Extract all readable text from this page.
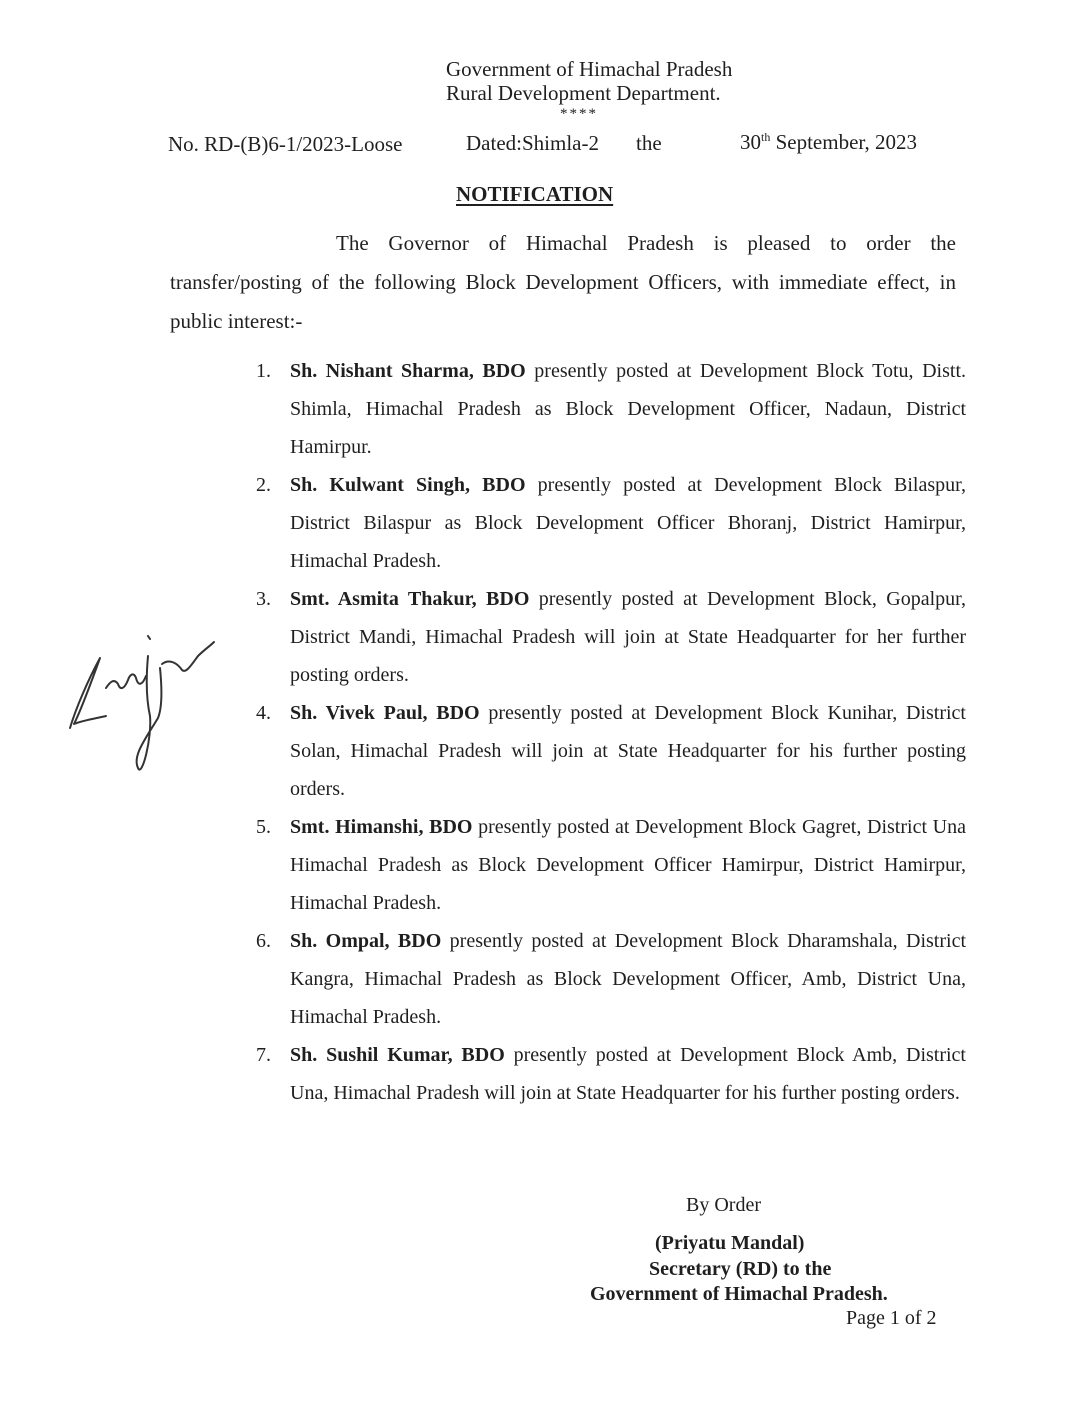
Government of Himachal Pradesh
Rural Development Department.
****
No. RD-(B)6-1/2023-Loose	Dated:Shimla-2 the	30th September, 2023
NOTIFICATION
The Governor of Himachal Pradesh is pleased to order the transfer/posting of the following Block Development Officers, with immediate effect, in public interest:-
1. Sh. Nishant Sharma, BDO presently posted at Development Block Totu, Distt. Shimla, Himachal Pradesh as Block Development Officer, Nadaun, District Hamirpur.
2. Sh. Kulwant Singh, BDO presently posted at Development Block Bilaspur, District Bilaspur as Block Development Officer Bhoranj, District Hamirpur, Himachal Pradesh.
3. Smt. Asmita Thakur, BDO presently posted at Development Block, Gopalpur, District Mandi, Himachal Pradesh will join at State Headquarter for her further posting orders.
4. Sh. Vivek Paul, BDO presently posted at Development Block Kunihar, District Solan, Himachal Pradesh will join at State Headquarter for his further posting orders.
5. Smt. Himanshi, BDO presently posted at Development Block Gagret, District Una Himachal Pradesh as Block Development Officer Hamirpur, District Hamirpur, Himachal Pradesh.
6. Sh. Ompal, BDO presently posted at Development Block Dharamshala, District Kangra, Himachal Pradesh as Block Development Officer, Amb, District Una, Himachal Pradesh.
7. Sh. Sushil Kumar, BDO presently posted at Development Block Amb, District Una, Himachal Pradesh will join at State Headquarter for his further posting orders.
By Order
(Priyatu Mandal)
Secretary (RD) to the
Government of Himachal Pradesh.
Page 1 of 2
